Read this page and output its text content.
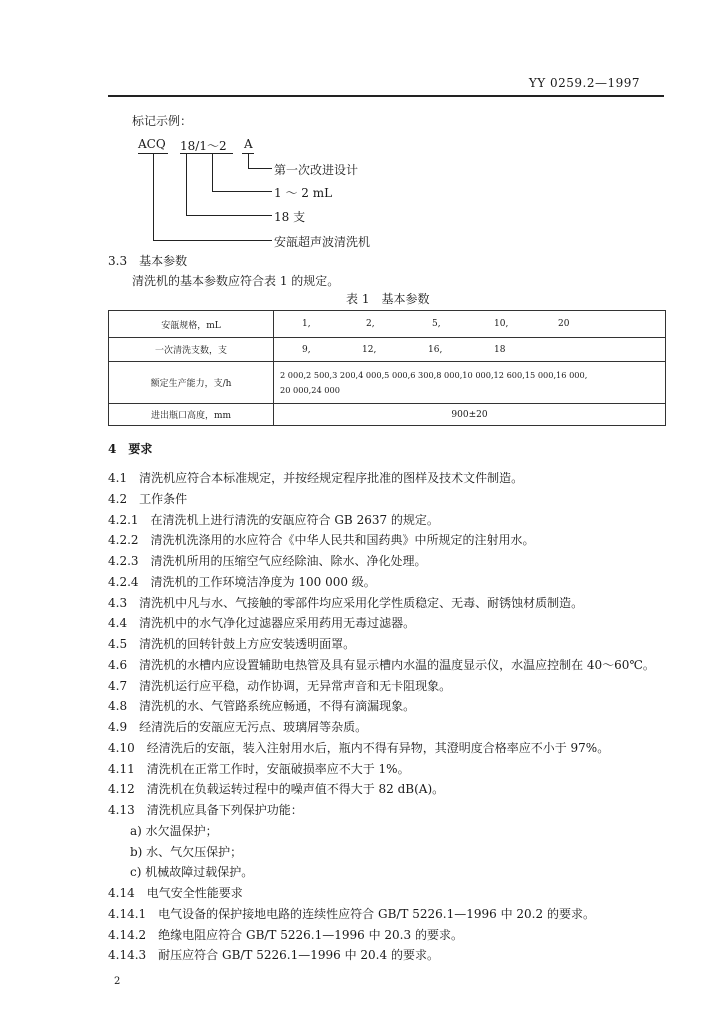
YY 0259.2—1997
标记示例：
ACQ 18/1～2 A
第一次改进设计
1 ～ 2 mL
18 支
安瓿超声波清洗机
3.3　基本参数
清洗机的基本参数应符合表 1 的规定。
表 1　基本参数
安瓿规格，mL	1, 2, 5, 10, 20

一次清洗支数，支	9, 12, 16, 18

额定生产能力，支/h	2 000,2 500,3 200,4 000,5 000,6 300,8 000,10 000,12 600,15 000,16 000,
20 000,24 000

进出瓶口高度，mm	900±20
4　要求
4.1　清洗机应符合本标准规定，并按经规定程序批准的图样及技术文件制造。
4.2　工作条件
4.2.1　在清洗机上进行清洗的安瓿应符合 GB 2637 的规定。
4.2.2　清洗机洗涤用的水应符合《中华人民共和国药典》中所规定的注射用水。
4.2.3　清洗机所用的压缩空气应经除油、除水、净化处理。
4.2.4　清洗机的工作环境洁净度为 100 000 级。
4.3　清洗机中凡与水、气接触的零部件均应采用化学性质稳定、无毒、耐锈蚀材质制造。
4.4　清洗机中的水气净化过滤器应采用药用无毒过滤器。
4.5　清洗机的回转针鼓上方应安装透明面罩。
4.6　清洗机的水槽内应设置辅助电热管及具有显示槽内水温的温度显示仪，水温应控制在 40～60℃。
4.7　清洗机运行应平稳，动作协调，无异常声音和无卡阻现象。
4.8　清洗机的水、气管路系统应畅通，不得有滴漏现象。
4.9　经清洗后的安瓿应无污点、玻璃屑等杂质。
4.10　经清洗后的安瓿，装入注射用水后，瓶内不得有异物，其澄明度合格率应不小于 97%。
4.11　清洗机在正常工作时，安瓿破损率应不大于 1%。
4.12　清洗机在负载运转过程中的噪声值不得大于 82 dB(A)。
4.13　清洗机应具备下列保护功能：
a) 水欠温保护；
b) 水、气欠压保护；
c) 机械故障过载保护。
4.14　电气安全性能要求
4.14.1　电气设备的保护接地电路的连续性应符合 GB/T 5226.1—1996 中 20.2 的要求。
4.14.2　绝缘电阻应符合 GB/T 5226.1—1996 中 20.3 的要求。
4.14.3　耐压应符合 GB/T 5226.1—1996 中 20.4 的要求。
2
